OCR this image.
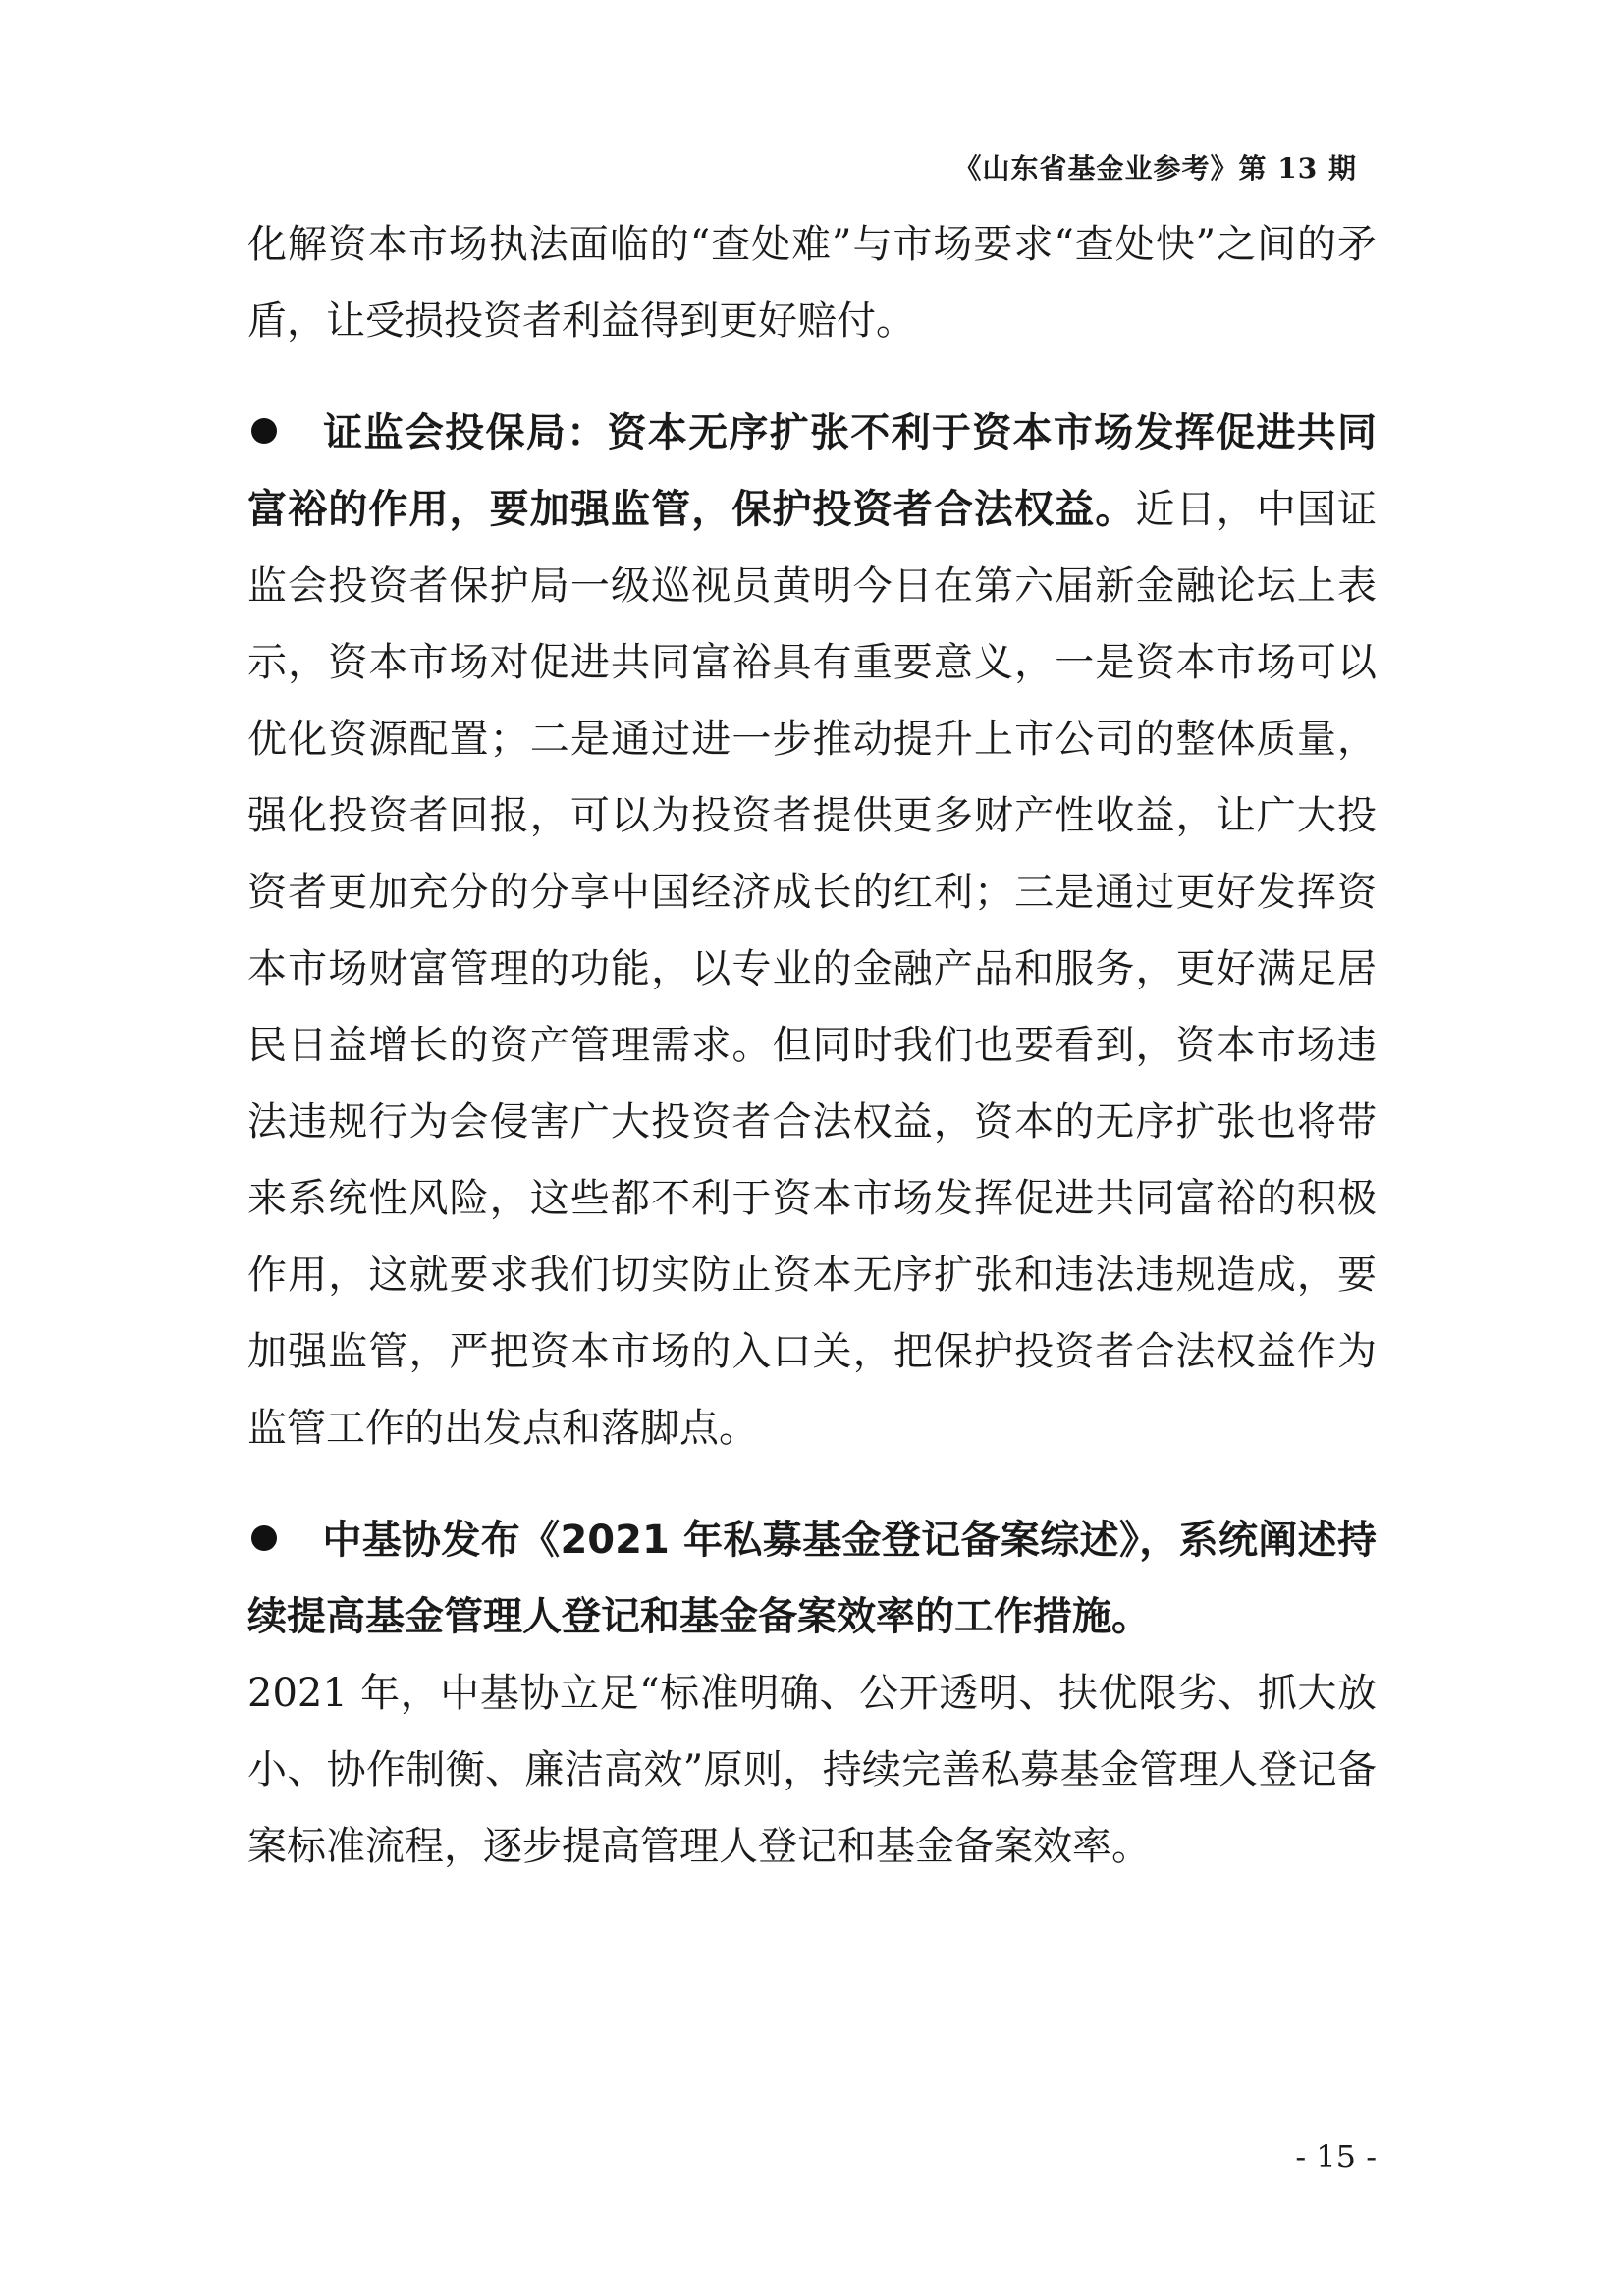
《山东省基金业参考》第 13 期

化解资本市场执法面临的“查处难”与市场要求“查处快”之间的矛盾，让受损投资者利益得到更好赔付。

证监会投保局：资本无序扩张不利于资本市场发挥促进共同富裕的作用，要加强监管，保护投资者合法权益。近日，中国证监会投资者保护局一级巡视员黄明今日在第六届新金融论坛上表示，资本市场对促进共同富裕具有重要意义，一是资本市场可以优化资源配置；二是通过进一步推动提升上市公司的整体质量，强化投资者回报，可以为投资者提供更多财产性收益，让广大投资者更加充分的分享中国经济成长的红利；三是通过更好发挥资本市场财富管理的功能，以专业的金融产品和服务，更好满足居民日益增长的资产管理需求。但同时我们也要看到，资本市场违法违规行为会侵害广大投资者合法权益，资本的无序扩张也将带来系统性风险，这些都不利于资本市场发挥促进共同富裕的积极作用，这就要求我们切实防止资本无序扩张和违法违规造成，要加强监管，严把资本市场的入口关，把保护投资者合法权益作为监管工作的出发点和落脚点。

中基协发布《2021 年私募基金登记备案综述》，系统阐述持续提高基金管理人登记和基金备案效率的工作措施。

2021 年，中基协立足“标准明确、公开透明、扶优限劣、抓大放小、协作制衡、廉洁高效”原则，持续完善私募基金管理人登记备案标准流程，逐步提高管理人登记和基金备案效率。

- 15 -
